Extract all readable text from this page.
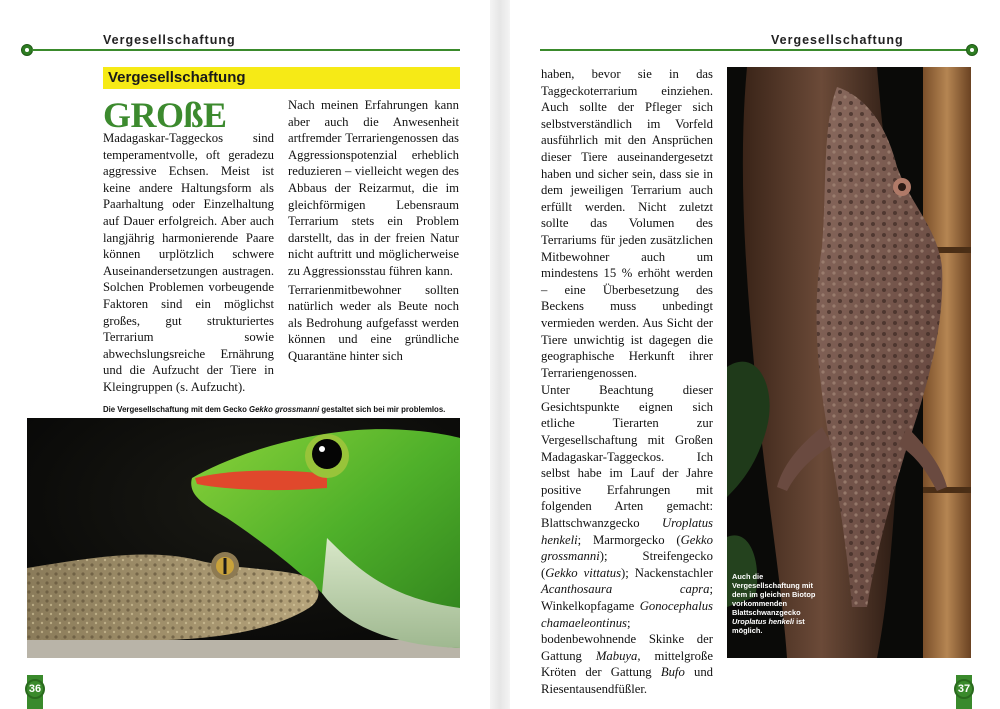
Vergesellschaftung
Vergesellschaftung

GROßE
Madagaskar-Taggeckos sind temperamentvolle, oft geradezu aggressive Echsen. Meist ist keine andere Haltungsform als Paarhaltung oder Einzelhaltung auf Dauer erfolgreich. Aber auch langjährig harmonierende Paare können urplötzlich schwere Auseinandersetzungen austragen. Solchen Problemen vorbeugende Faktoren sind ein möglichst großes, gut strukturiertes Terrarium sowie abwechslungsreiche Ernährung und die Aufzucht der Tiere in Kleingruppen (s. Aufzucht).

Nach meinen Erfahrungen kann aber auch die Anwesenheit artfremder Terrariengenossen das Aggressionspotenzial erheblich reduzieren – vielleicht wegen des Abbaus der Reizarmut, die im gleichförmigen Lebensraum Terrarium stets ein Problem darstellt, das in der freien Natur nicht auftritt und möglicherweise zu Aggressionsstau führen kann.

Terrarienmitbewohner sollten natürlich weder als Beute noch als Bedrohung aufgefasst werden können und eine gründliche Quarantäne hinter sich

Die Vergesellschaftung mit dem Gecko Gekko grossmanni gestaltet sich bei mir problemlos.
36
Vergesellschaftung

haben, bevor sie in das Taggeckoterrarium einziehen. Auch sollte der Pfleger sich selbstverständlich im Vorfeld ausführlich mit den Ansprüchen dieser Tiere auseinandergesetzt haben und sicher sein, dass sie in dem jeweiligen Terrarium auch erfüllt werden. Nicht zuletzt sollte das Volumen des Terrariums für jeden zusätzlichen Mitbewohner auch um mindestens 15 % erhöht werden – eine Überbesetzung des Beckens muss unbedingt vermieden werden. Aus Sicht der Tiere unwichtig ist dagegen die geographische Herkunft ihrer Terrariengenossen.

Unter Beachtung dieser Gesichtspunkte eignen sich etliche Tierarten zur Vergesellschaftung mit Großen Madagaskar-Taggeckos. Ich selbst habe im Lauf der Jahre positive Erfahrungen mit folgenden Arten gemacht: Blattschwanzgecko Uroplatus henkeli; Marmorgecko (Gekko grossmanni); Streifengecko (Gekko vittatus); Nackenstachler Acanthosaura capra; Winkelkopfagame Gonocephalus chamaeleontinus; bodenbewohnende Skinke der Gattung Mabuya, mittelgroße Kröten der Gattung Bufo und Riesentausendfüßler.

Auch die Vergesellschaftung mit dem im gleichen Biotop vorkommenden Blattschwanzgecko Uroplatus henkeli ist möglich.
37
